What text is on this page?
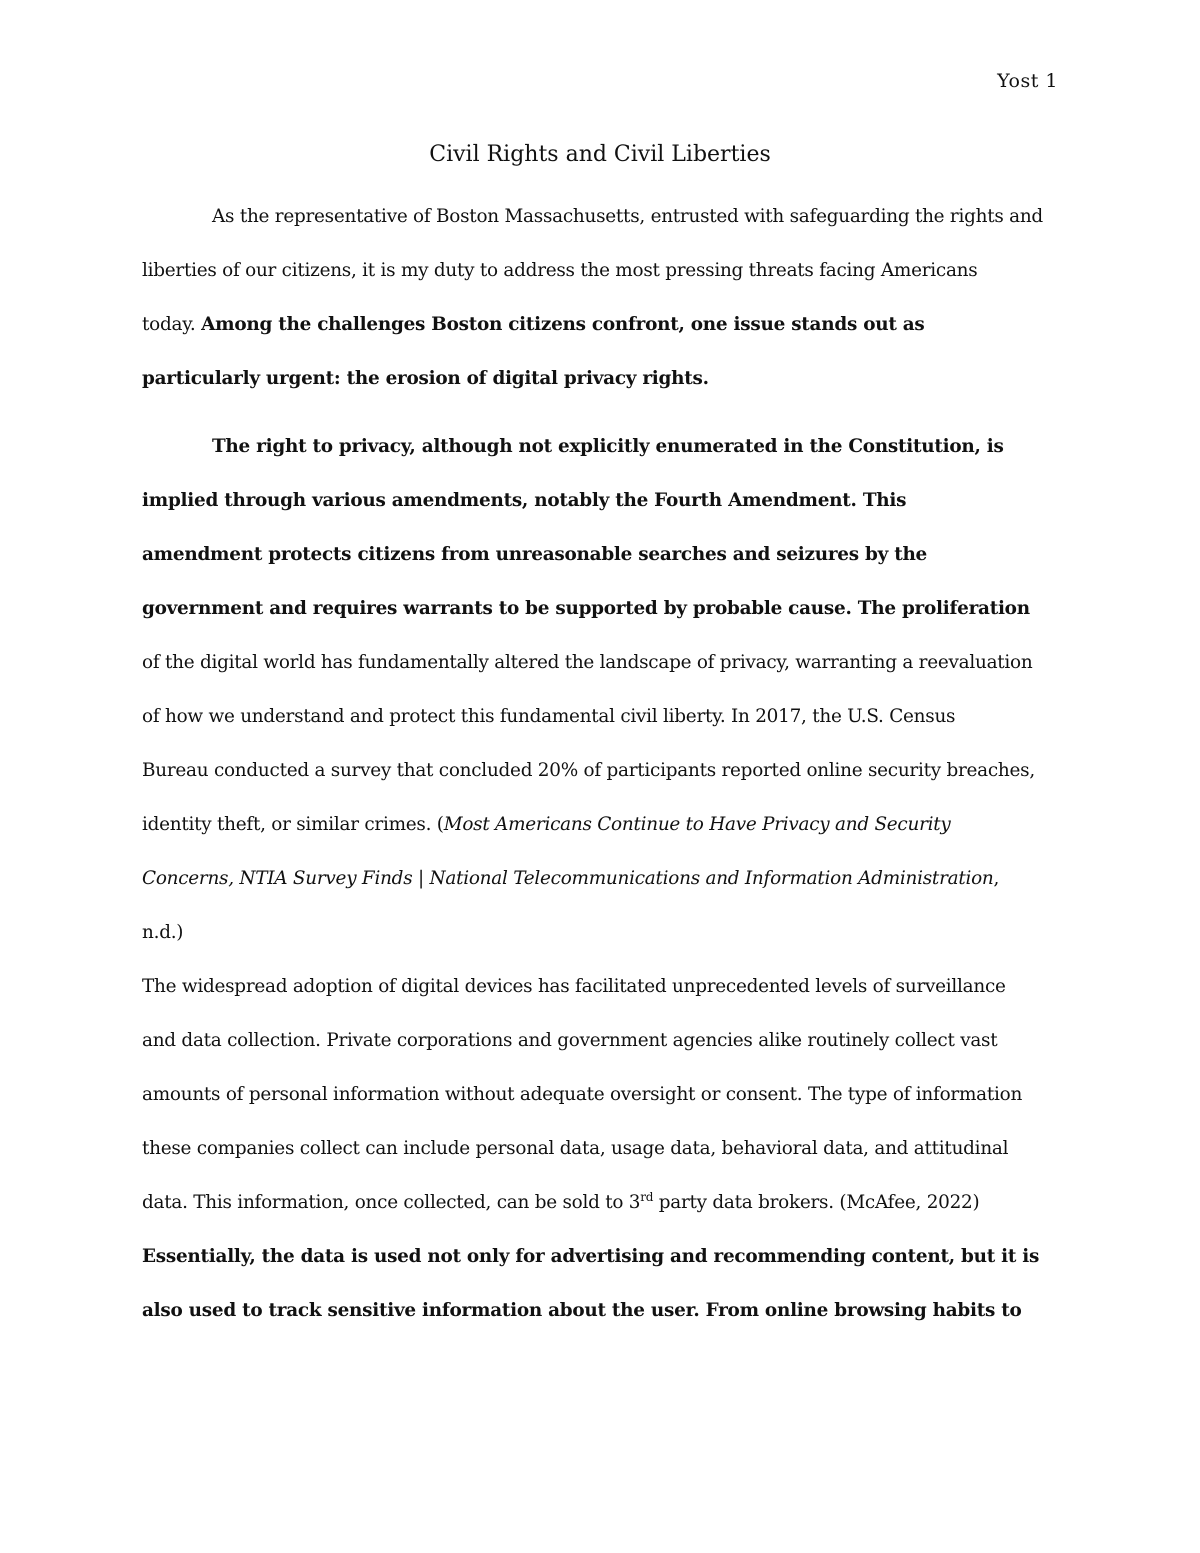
Yost 1
Civil Rights and Civil Liberties
As the representative of Boston Massachusetts, entrusted with safeguarding the rights and
liberties of our citizens, it is my duty to address the most pressing threats facing Americans
today. Among the challenges Boston citizens confront, one issue stands out as
particularly urgent: the erosion of digital privacy rights.
The right to privacy, although not explicitly enumerated in the Constitution, is
implied through various amendments, notably the Fourth Amendment. This
amendment protects citizens from unreasonable searches and seizures by the
government and requires warrants to be supported by probable cause. The proliferation
of the digital world has fundamentally altered the landscape of privacy, warranting a reevaluation
of how we understand and protect this fundamental civil liberty. In 2017, the U.S. Census
Bureau conducted a survey that concluded 20% of participants reported online security breaches,
identity theft, or similar crimes. (Most Americans Continue to Have Privacy and Security
Concerns, NTIA Survey Finds | National Telecommunications and Information Administration,
n.d.)
The widespread adoption of digital devices has facilitated unprecedented levels of surveillance
and data collection. Private corporations and government agencies alike routinely collect vast
amounts of personal information without adequate oversight or consent. The type of information
these companies collect can include personal data, usage data, behavioral data, and attitudinal
data. This information, once collected, can be sold to 3rd party data brokers. (McAfee, 2022)
Essentially, the data is used not only for advertising and recommending content, but it is
also used to track sensitive information about the user. From online browsing habits to
